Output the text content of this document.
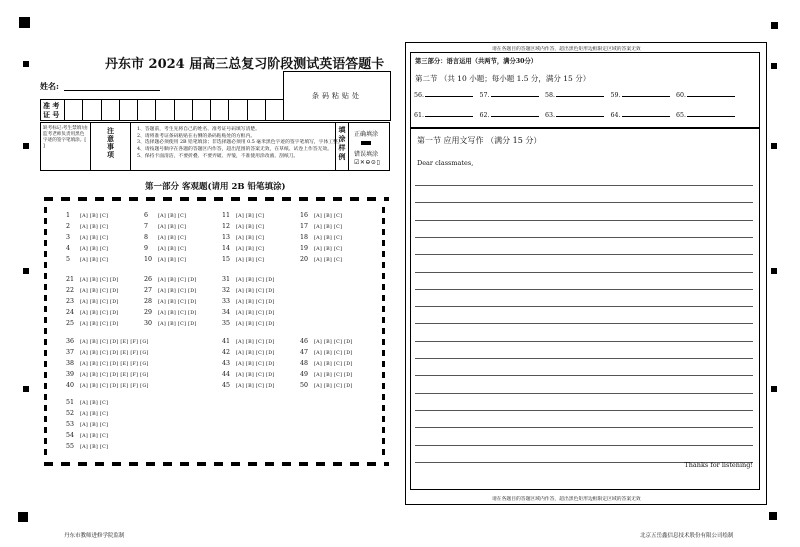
丹东市 2024 届高三总复习阶段测试英语答题卡
姓名:
条码粘贴处
准 考
证 号
缺考标记:考生禁填!由监考老师负责用黑色字迹的签字笔填涂。[ ]
注
意
事
项
1、答题前，考生先将自己的姓名、准考证号码填写清楚。
2、请将准考证条码粘贴在右侧的条码粘贴处的方框内。
3、选择题必须使用 2B 铅笔填涂；非选择题必须用 0.5 毫米黑色字迹的签字笔填写，字体工整。
4、请按题号顺序在各题的答题区内作答，超出范围的答案无效，在草纸、试卷上作答无效。
5、保持卡面清洁，不要折叠、不要弄破、弄皱，不准使用涂改液、刮纸刀。
填
涂
样
例
正确填涂
错误填涂
☑✕⊖⊙▯
第一部分 客观题(请用 2B 铅笔填涂)
1 [A] [B] [C]
2 [A] [B] [C]
3 [A] [B] [C]
4 [A] [B] [C]
5 [A] [B] [C]
6 [A] [B] [C]
7 [A] [B] [C]
8 [A] [B] [C]
9 [A] [B] [C]
10 [A] [B] [C]
11 [A] [B] [C]
12 [A] [B] [C]
13 [A] [B] [C]
14 [A] [B] [C]
15 [A] [B] [C]
16 [A] [B] [C]
17 [A] [B] [C]
18 [A] [B] [C]
19 [A] [B] [C]
20 [A] [B] [C]
21 [A] [B] [C] [D]
22 [A] [B] [C] [D]
23 [A] [B] [C] [D]
24 [A] [B] [C] [D]
25 [A] [B] [C] [D]
26 [A] [B] [C] [D]
27 [A] [B] [C] [D]
28 [A] [B] [C] [D]
29 [A] [B] [C] [D]
30 [A] [B] [C] [D]
31 [A] [B] [C] [D]
32 [A] [B] [C] [D]
33 [A] [B] [C] [D]
34 [A] [B] [C] [D]
35 [A] [B] [C] [D]
36 [A] [B] [C] [D] [E] [F] [G]
37 [A] [B] [C] [D] [E] [F] [G]
38 [A] [B] [C] [D] [E] [F] [G]
39 [A] [B] [C] [D] [E] [F] [G]
40 [A] [B] [C] [D] [E] [F] [G]
41 [A] [B] [C] [D]
42 [A] [B] [C] [D]
43 [A] [B] [C] [D]
44 [A] [B] [C] [D]
45 [A] [B] [C] [D]
46 [A] [B] [C] [D]
47 [A] [B] [C] [D]
48 [A] [B] [C] [D]
49 [A] [B] [C] [D]
50 [A] [B] [C] [D]
51 [A] [B] [C]
52 [A] [B] [C]
53 [A] [B] [C]
54 [A] [B] [C]
55 [A] [B] [C]
请在各题目的答题区域内作答，超出黑色矩形边框限定区域的答案无效
第三部分：语言运用（共两节，满分30分）
第二节 （共 10 小题；每小题 1.5 分，满分 15 分）
56.	57.	58.	59.	60.
61.	62.	63.	64.	65.
第一节 应用文写作 （满分 15 分）
Dear classmates,
Thanks for listening!
请在各题目的答题区域内作答，超出黑色矩形边框限定区域的答案无效
丹东市教师进修学院监制	北京五岳鑫信息技术股份有限公司绘制
